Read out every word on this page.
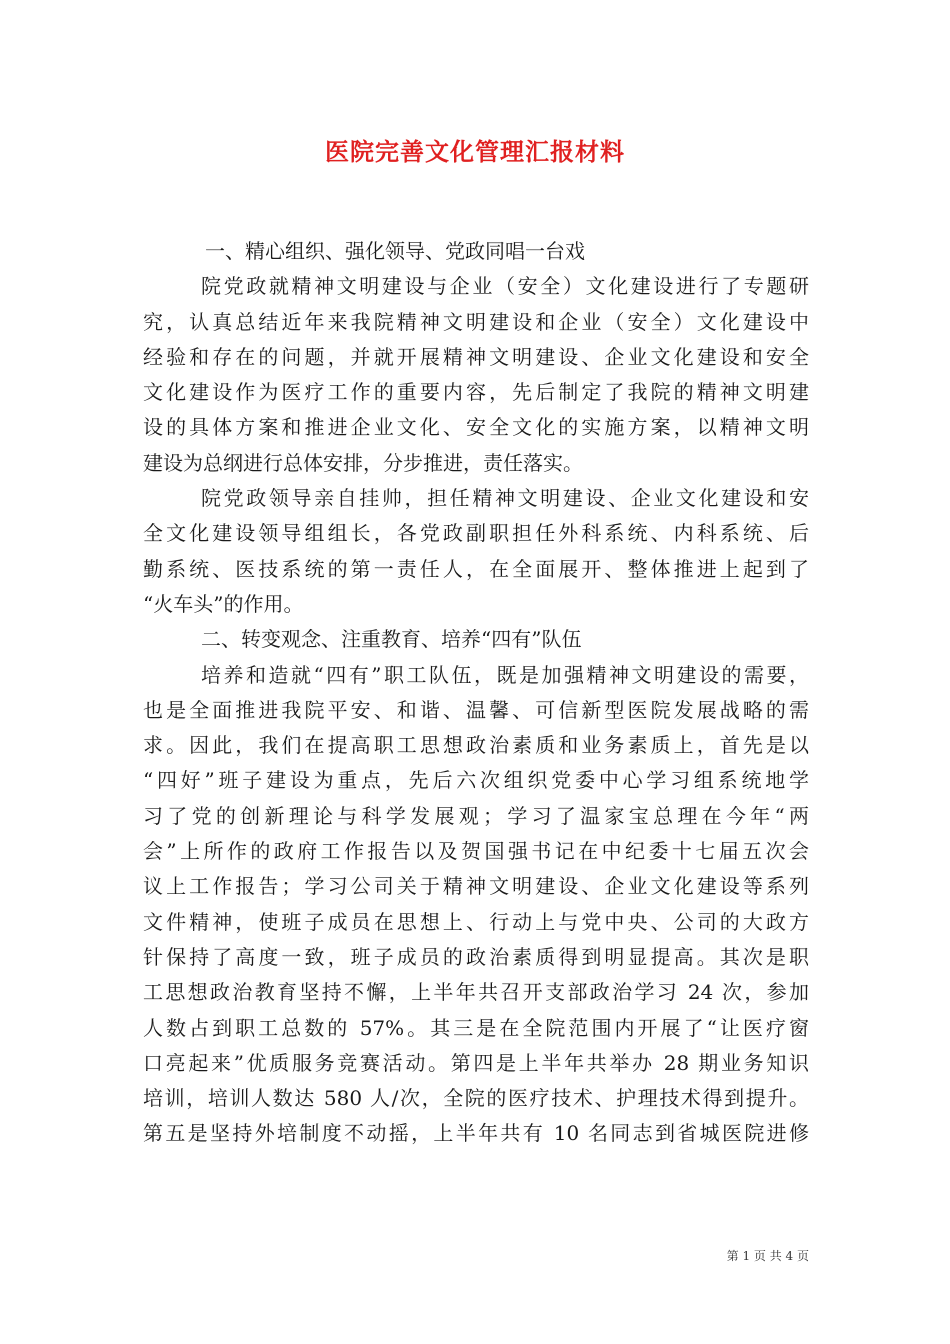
医院完善文化管理汇报材料
一、精心组织、强化领导、党政同唱一台戏
院党政就精神文明建设与企业（安全）文化建设进行了专题研
究，认真总结近年来我院精神文明建设和企业（安全）文化建设中
经验和存在的问题，并就开展精神文明建设、企业文化建设和安全
文化建设作为医疗工作的重要内容，先后制定了我院的精神文明建
设的具体方案和推进企业文化、安全文化的实施方案，以精神文明
建设为总纲进行总体安排，分步推进，责任落实。
院党政领导亲自挂帅，担任精神文明建设、企业文化建设和安
全文化建设领导组组长，各党政副职担任外科系统、内科系统、后
勤系统、医技系统的第一责任人，在全面展开、整体推进上起到了
“火车头”的作用。
二、转变观念、注重教育、培养“四有”队伍
培养和造就“四有”职工队伍，既是加强精神文明建设的需要，
也是全面推进我院平安、和谐、温馨、可信新型医院发展战略的需
求。因此，我们在提高职工思想政治素质和业务素质上，首先是以
“四好”班子建设为重点，先后六次组织党委中心学习组系统地学
习了党的创新理论与科学发展观；学习了温家宝总理在今年“两
会”上所作的政府工作报告以及贺国强书记在中纪委十七届五次会
议上工作报告；学习公司关于精神文明建设、企业文化建设等系列
文件精神，使班子成员在思想上、行动上与党中央、公司的大政方
针保持了高度一致，班子成员的政治素质得到明显提高。其次是职
工思想政治教育坚持不懈，上半年共召开支部政治学习 24 次，参加
人数占到职工总数的 57%。其三是在全院范围内开展了“让医疗窗
口亮起来”优质服务竞赛活动。第四是上半年共举办 28 期业务知识
培训，培训人数达 580 人/次，全院的医疗技术、护理技术得到提升。
第五是坚持外培制度不动摇，上半年共有 10 名同志到省城医院进修
第 1 页 共 4 页
